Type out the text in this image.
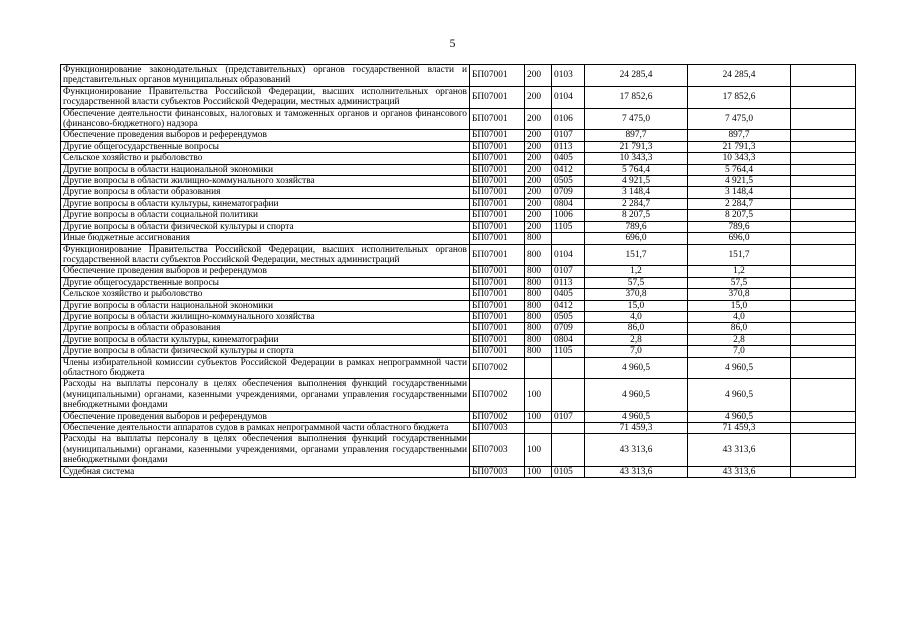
5
Функционирование законодательных (представительных) органов государственной власти и представительных органов муниципальных образований	БП07001	200	0103	24 285,4	24 285,4	
Функционирование Правительства Российской Федерации, высших исполнительных органов государственной власти субъектов Российской Федерации, местных администраций	БП07001	200	0104	17 852,6	17 852,6	
Обеспечение деятельности финансовых, налоговых и таможенных органов и органов финансового (финансово-бюджетного) надзора	БП07001	200	0106	7 475,0	7 475,0	
Обеспечение проведения выборов и референдумов	БП07001	200	0107	897,7	897,7	
Другие общегосударственные вопросы	БП07001	200	0113	21 791,3	21 791,3	
Сельское хозяйство и рыболовство	БП07001	200	0405	10 343,3	10 343,3	
Другие вопросы в области национальной экономики	БП07001	200	0412	5 764,4	5 764,4	
Другие вопросы в области жилищно-коммунального хозяйства	БП07001	200	0505	4 921,5	4 921,5	
Другие вопросы в области образования	БП07001	200	0709	3 148,4	3 148,4	
Другие вопросы в области культуры, кинематографии	БП07001	200	0804	2 284,7	2 284,7	
Другие вопросы в области социальной политики	БП07001	200	1006	8 207,5	8 207,5	
Другие вопросы в области физической культуры и спорта	БП07001	200	1105	789,6	789,6	
Иные бюджетные ассигнования	БП07001	800		696,0	696,0	
Функционирование Правительства Российской Федерации, высших исполнительных органов государственной власти субъектов Российской Федерации, местных администраций	БП07001	800	0104	151,7	151,7	
Обеспечение проведения выборов и референдумов	БП07001	800	0107	1,2	1,2	
Другие общегосударственные вопросы	БП07001	800	0113	57,5	57,5	
Сельское хозяйство и рыболовство	БП07001	800	0405	370,8	370,8	
Другие вопросы в области национальной экономики	БП07001	800	0412	15,0	15,0	
Другие вопросы в области жилищно-коммунального хозяйства	БП07001	800	0505	4,0	4,0	
Другие вопросы в области образования	БП07001	800	0709	86,0	86,0	
Другие вопросы в области культуры, кинематографии	БП07001	800	0804	2,8	2,8	
Другие вопросы в области физической культуры и спорта	БП07001	800	1105	7,0	7,0	
Члены избирательной комиссии субъектов Российской Федерации в рамках непрограммной части областного бюджета	БП07002			4 960,5	4 960,5	
Расходы на выплаты персоналу в целях обеспечения выполнения функций государственными (муниципальными) органами, казенными учреждениями, органами управления государственными внебюджетными фондами	БП07002	100		4 960,5	4 960,5	
Обеспечение проведения выборов и референдумов	БП07002	100	0107	4 960,5	4 960,5	
Обеспечение деятельности аппаратов судов в рамках непрограммной части областного бюджета	БП07003			71 459,3	71 459,3	
Расходы на выплаты персоналу в целях обеспечения выполнения функций государственными (муниципальными) органами, казенными учреждениями, органами управления государственными внебюджетными фондами	БП07003	100		43 313,6	43 313,6	
Судебная система	БП07003	100	0105	43 313,6	43 313,6	
